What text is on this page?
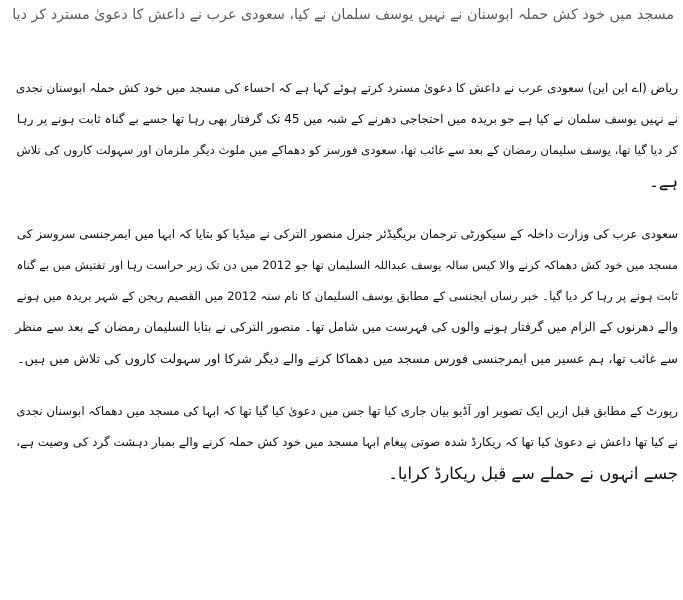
مسجد میں خود کش حملہ ابوسنان نے نہیں یوسف سلمان نے کیا، سعودی عرب نے داعش کا دعویٰ مسترد کر دیا

ریاض (اے این این) سعودی عرب نے داعش کا دعویٰ مسترد کرتے ہوئے کہا ہے کہ احساء کی مسجد میں خود کش حملہ ابوسنان نجدی
نے نہیں یوسف سلمان نے کیا ہے جو بریدہ میں احتجاجی دھرنے کے شبہ میں 45 تک گرفتار بھی رہا تھا جسے بے گناہ ثابت ہونے پر رہا
کر دیا گیا تھا، یوسف سلیمان رمضان کے بعد سے غائب تھا، سعودی فورسز کو دھماکے میں ملوث دیگر ملزمان اور سہولت کاروں کی تلاش
ہے۔

سعودی عرب کی وزارت داخلہ کے سیکورٹی ترجمان بریگیڈئر جنرل منصور الترکی نے میڈیا کو بتایا کہ ابہا میں ایمرجنسی سروسز کی
مسجد میں خود کش دھماکہ کرنے والا کیس سالہ یوسف عبداللہ السلیمان تھا جو 2012 میں دن تک زیر حراست رہا اور تفتیش میں بے گناہ
ثابت ہونے پر رہا کر دیا گیا۔ خبر رساں ایجنسی کے مطابق یوسف السلیمان کا نام سنہ 2012 میں القصیم ریجن کے شہر بریدہ میں ہونے
والے دھرنوں کے الزام میں گرفتار ہونے والوں کی فہرست میں شامل تھا۔ منصور الترکی نے بتایا السلیمان رمضان کے بعد سے منظر
سے غائب تھا، ہم عسیر میں ایمرجنسی فورس مسجد میں دھماکا کرنے والے دیگر شرکا اور سہولت کاروں کی تلاش میں ہیں۔

رپورٹ کے مطابق قبل ازیں ایک تصویر اور آڈیو بیان جاری کیا تھا جس میں دعویٰ کیا گیا تھا کہ ابہا کی مسجد میں دھماکہ ابوسنان نجدی
نے کیا تھا داعش نے دعویٰ کیا تھا کہ ریکارڈ شدہ صوتی پیغام ابہا مسجد میں خود کش حملہ کرنے والے بمبار دہشت گرد کی وصیت ہے،
جسے انہوں نے حملے سے قبل ریکارڈ کرایا۔
